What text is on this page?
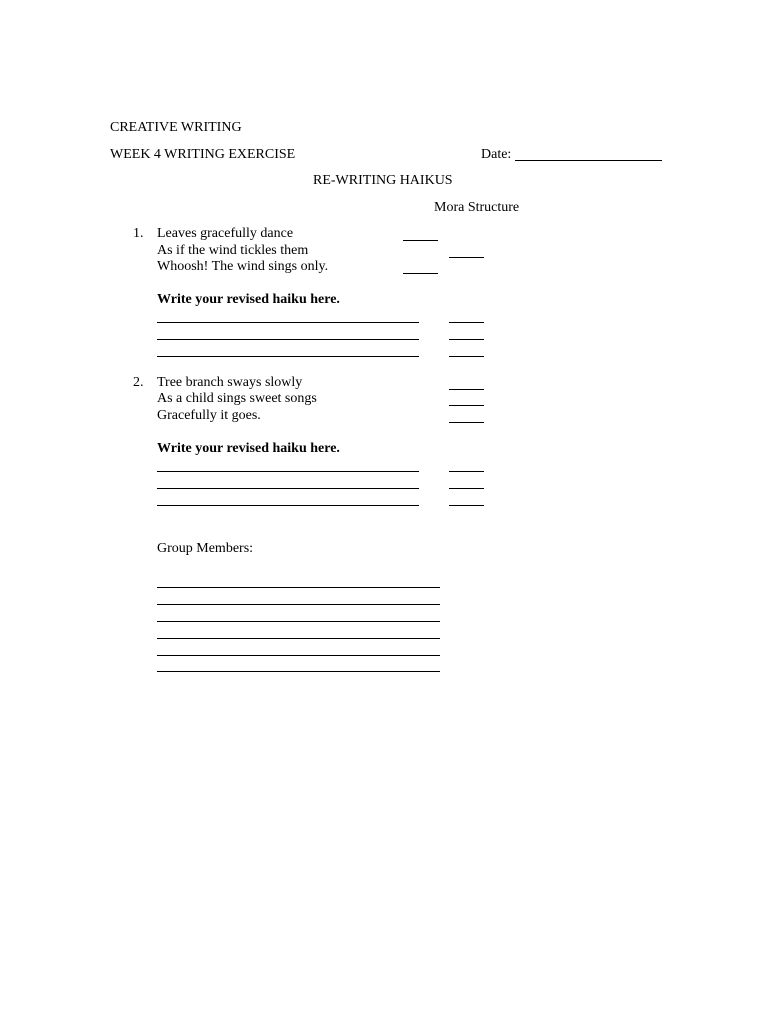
CREATIVE WRITING
WEEK 4 WRITING EXERCISE	Date:
RE-WRITING HAIKUS
Mora Structure
1. Leaves gracefully dance
As if the wind tickles them
Whoosh! The wind sings only.
Write your revised haiku here.
2. Tree branch sways slowly
As a child sings sweet songs
Gracefully it goes.
Write your revised haiku here.
Group Members:
